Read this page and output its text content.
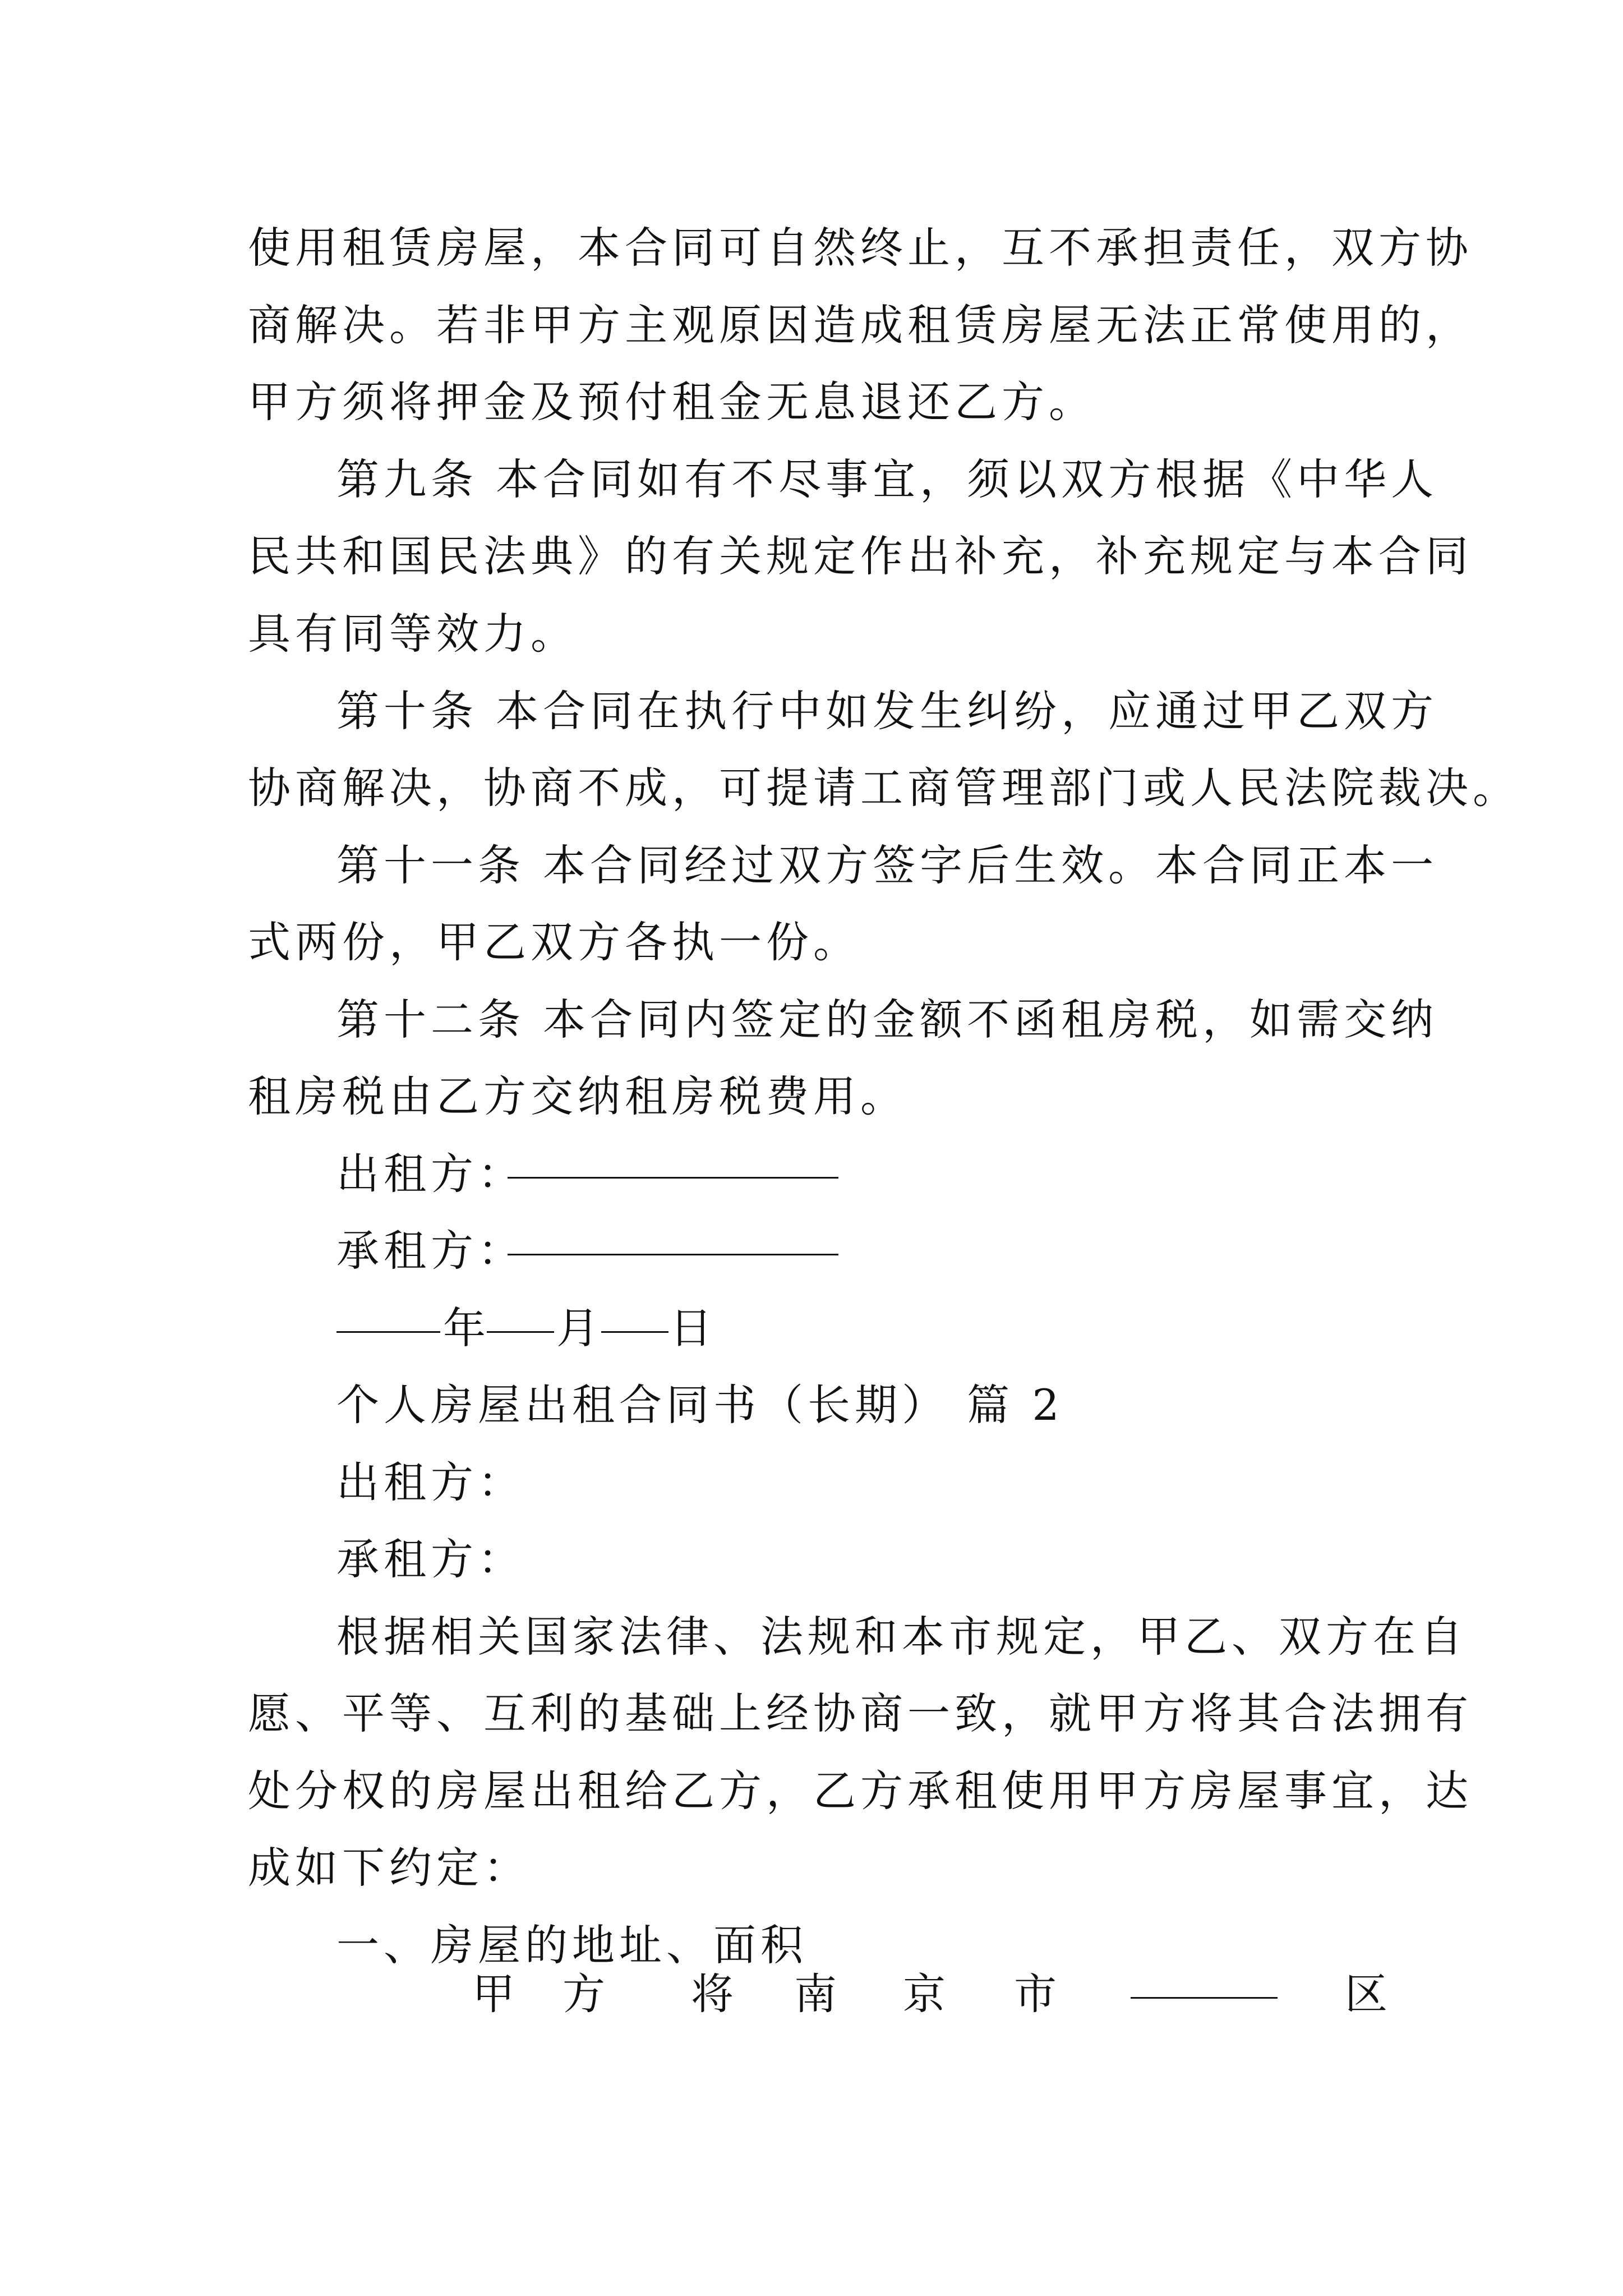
使用租赁房屋，本合同可自然终止，互不承担责任，双方协
商解决。若非甲方主观原因造成租赁房屋无法正常使用的，
甲方须将押金及预付租金无息退还乙方。
第九条 本合同如有不尽事宜，须以双方根据《中华人
民共和国民法典》的有关规定作出补充，补充规定与本合同
具有同等效力。
第十条 本合同在执行中如发生纠纷，应通过甲乙双方
协商解决，协商不成，可提请工商管理部门或人民法院裁决。
第十一条 本合同经过双方签字后生效。本合同正本一
式两份，甲乙双方各执一份。
第十二条 本合同内签定的金额不函租房税，如需交纳
租房税由乙方交纳租房税费用。
出租方：
承租方：
年 月 日
个人房屋出租合同书（长期） 篇 2
出租方：
承租方：
根据相关国家法律、法规和本市规定，甲乙、双方在自
愿、平等、互利的基础上经协商一致，就甲方将其合法拥有
处分权的房屋出租给乙方，乙方承租使用甲方房屋事宜，达
成如下约定：
一、房屋的地址、面积
甲 方 将 南 京 市	区
